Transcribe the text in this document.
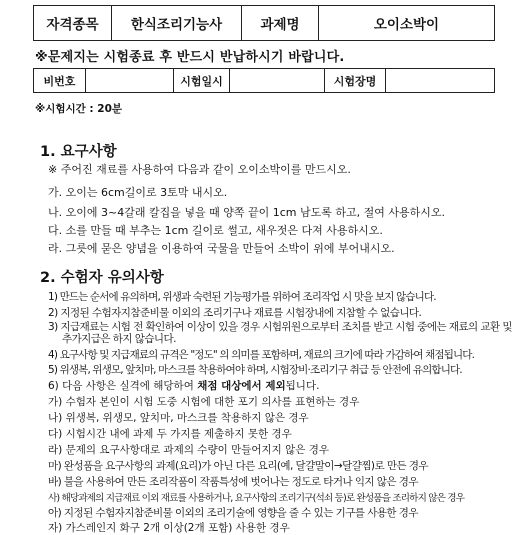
자격종목	한식조리기능사	과제명	오이소박이
※문제지는 시험종료 후 반드시 반납하시기 바랍니다.
비번호		시험일시		시험장명	
※시험시간 : 20분
1. 요구사항
※ 주어진 재료를 사용하여 다음과 같이 오이소박이를 만드시오.
가. 오이는 6cm길이로 3토막 내시오.
나. 오이에 3~4갈래 칼집을 넣을 때 양쪽 끝이 1cm 남도록 하고, 절여 사용하시오.
다. 소를 만들 때 부추는 1cm 길이로 썰고, 새우젓은 다져 사용하시오.
라. 그릇에 묻은 양념을 이용하여 국물을 만들어 소박이 위에 부어내시오.
2. 수험자 유의사항
1) 만드는 순서에 유의하며, 위생과 숙련된 기능평가를 위하여 조리작업 시 맛을 보지 않습니다.
2) 지정된 수험자지참준비물 이외의 조리기구나 재료를 시험장내에 지참할 수 없습니다.
3) 지급재료는 시험 전 확인하여 이상이 있을 경우 시험위원으로부터 조치를 받고 시험 중에는 재료의 교환 및 추가지급은 하지 않습니다.
4) 요구사항 및 지급재료의 규격은 "정도" 의 의미를 포함하며, 재료의 크기에 따라 가감하여 채점됩니다.
5) 위생복, 위생모, 앞치마, 마스크를 착용하여야 하며, 시험장비·조리기구 취급 등 안전에 유의합니다.
6) 다음 사항은 실격에 해당하여 채점 대상에서 제외됩니다.
가) 수험자 본인이 시험 도중 시험에 대한 포기 의사를 표현하는 경우
나) 위생복, 위생모, 앞치마, 마스크를 착용하지 않은 경우
다) 시험시간 내에 과제 두 가지를 제출하지 못한 경우
라) 문제의 요구사항대로 과제의 수량이 만들어지지 않은 경우
마) 완성품을 요구사항의 과제(요리)가 아닌 다른 요리(예, 달걀말이→달걀찜)로 만든 경우
바) 불을 사용하여 만든 조리작품이 작품특성에 벗어나는 정도로 타거나 익지 않은 경우
사) 해당과제의 지급재료 이외 재료를 사용하거나, 요구사항의 조리기구(석쇠 등)로 완성품을 조리하지 않은 경우
아) 지정된 수험자지참준비물 이외의 조리기술에 영향을 줄 수 있는 기구를 사용한 경우
자) 가스레인지 화구 2개 이상(2개 포함) 사용한 경우
